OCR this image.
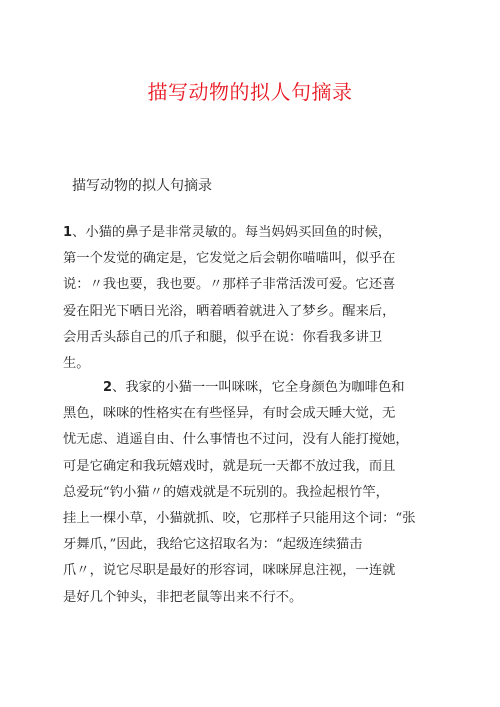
描写动物的拟人句摘录
描写动物的拟人句摘录

1、小猫的鼻子是非常灵敏的。每当妈妈买回鱼的时候，

第一个发觉的确定是，它发觉之后会朝你喵喵叫，似乎在

说：〃我也要，我也要。〃那样子非常活泼可爱。它还喜

爱在阳光下晒日光浴，晒着晒着就进入了梦乡。醒来后，

会用舌头舔自己的爪子和腿，似乎在说：你看我多讲卫

生。

2、我家的小猫一一叫咪咪，它全身颜色为咖啡色和

黑色，咪咪的性格实在有些怪异，有时会成天睡大觉，无

忧无虑、逍遥自由、什么事情也不过问，没有人能打搅她，

可是它确定和我玩嬉戏时，就是玩一天都不放过我，而且

总爱玩“钓小猫〃的嬉戏就是不玩别的。我捡起根竹竿，

挂上一棵小草，小猫就抓、咬，它那样子只能用这个词：“张

牙舞爪，”因此，我给它这招取名为：“起级连续猫击

爪〃，说它尽职是最好的形容词，咪咪屏息注视，一连就

是好几个钟头，非把老鼠等出来不行不。
